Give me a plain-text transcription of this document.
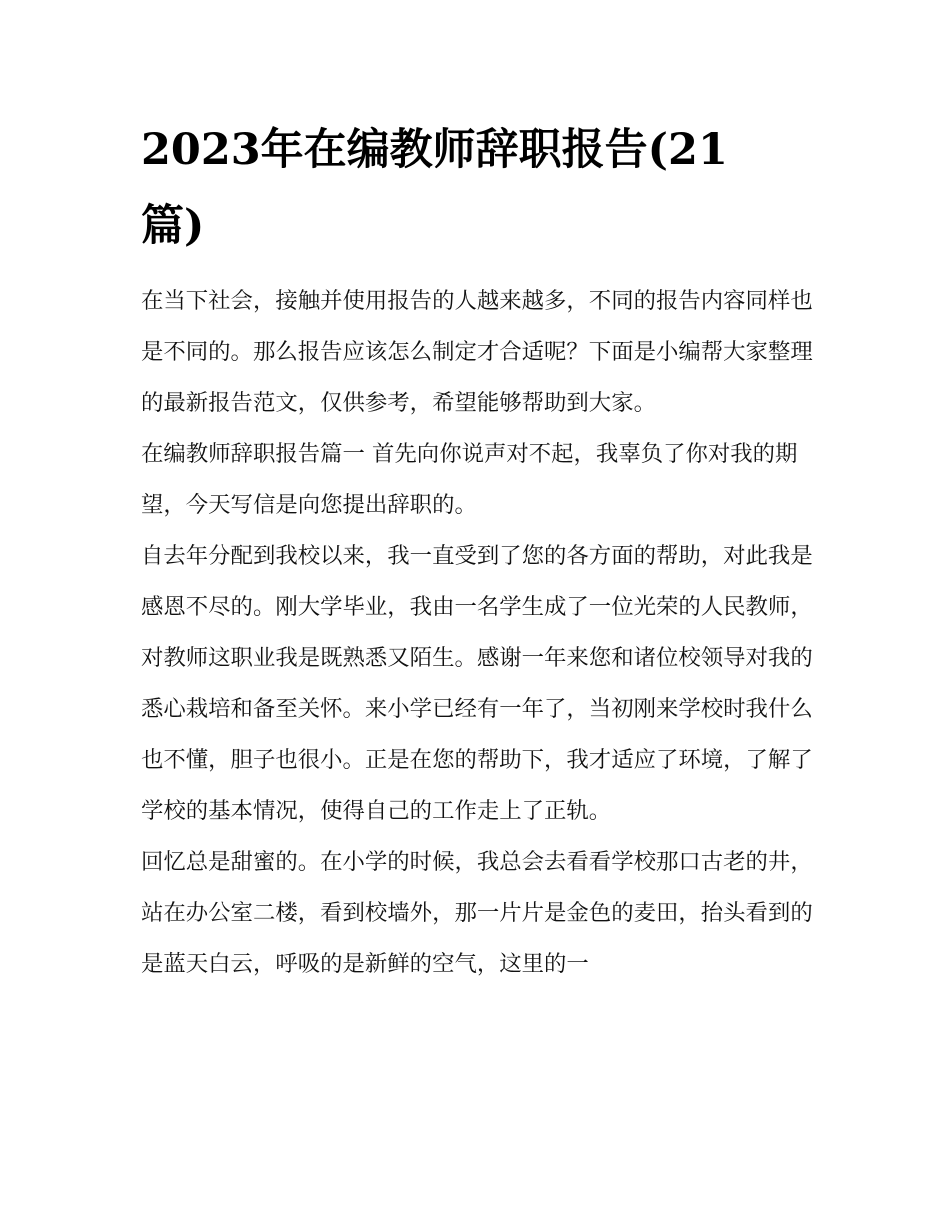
2023年在编教师辞职报告(21篇)

在当下社会，接触并使用报告的人越来越多，不同的报告内容同样也是不同的。那么报告应该怎么制定才合适呢？下面是小编帮大家整理的最新报告范文，仅供参考，希望能够帮助到大家。

在编教师辞职报告篇一 首先向你说声对不起，我辜负了你对我的期望，今天写信是向您提出辞职的。

自去年分配到我校以来，我一直受到了您的各方面的帮助，对此我是感恩不尽的。刚大学毕业，我由一名学生成了一位光荣的人民教师，对教师这职业我是既熟悉又陌生。感谢一年来您和诸位校领导对我的悉心栽培和备至关怀。来小学已经有一年了，当初刚来学校时我什么也不懂，胆子也很小。正是在您的帮助下，我才适应了环境，了解了学校的基本情况，使得自己的工作走上了正轨。

回忆总是甜蜜的。在小学的时候，我总会去看看学校那口古老的井，站在办公室二楼，看到校墙外，那一片片是金色的麦田，抬头看到的是蓝天白云，呼吸的是新鲜的空气，这里的一
